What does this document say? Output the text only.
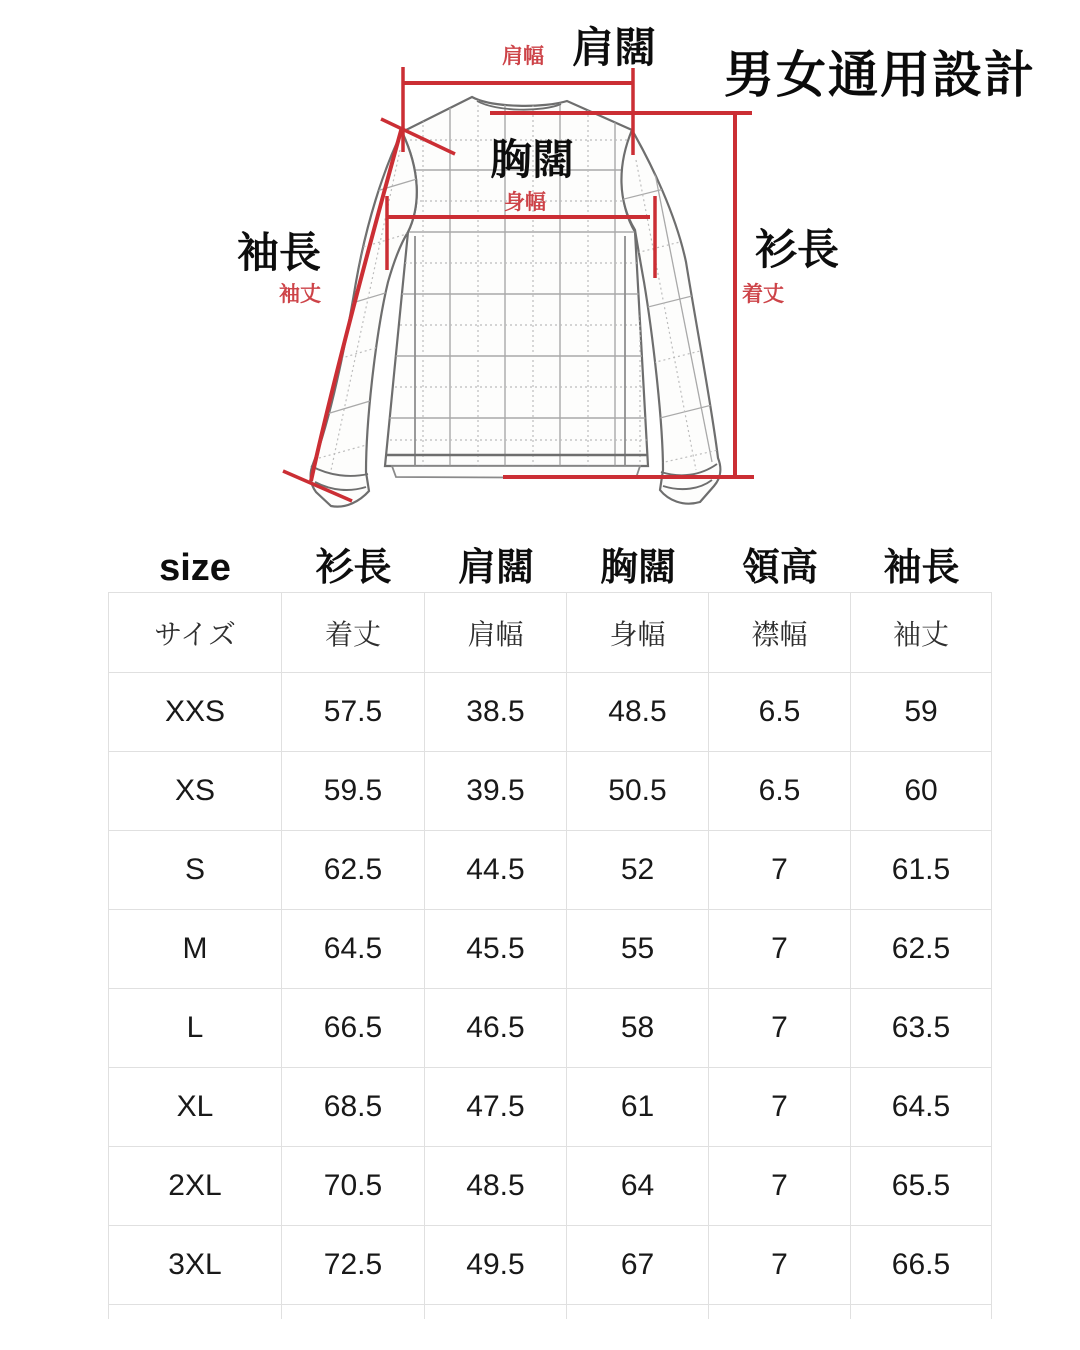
男女通用設計
肩闊
肩幅
胸闊
身幅
袖長
袖丈
衫長
着丈
size 衫長 肩闊 胸闊 領高 袖長
サイズ	着丈	肩幅	身幅	襟幅	袖丈
XXS	57.5	38.5	48.5	6.5	59
XS	59.5	39.5	50.5	6.5	60
S	62.5	44.5	52	7	61.5
M	64.5	45.5	55	7	62.5
L	66.5	46.5	58	7	63.5
XL	68.5	47.5	61	7	64.5
2XL	70.5	48.5	64	7	65.5
3XL	72.5	49.5	67	7	66.5
